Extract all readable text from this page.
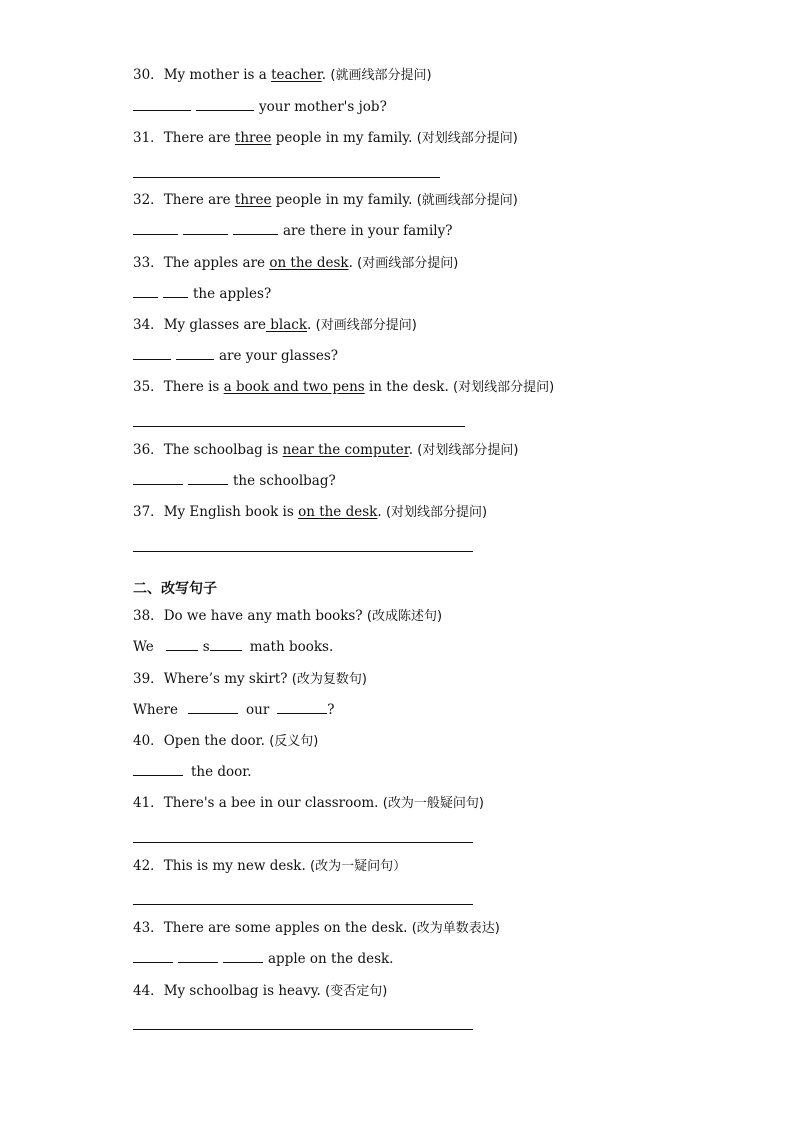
30．My mother is a teacher. (就画线部分提问)
your mother's job?
31．There are three people in my family. (对划线部分提问)
32．There are three people in my family. (就画线部分提问)
are there in your family?
33．The apples are on the desk. (对画线部分提问)
the apples?
34．My glasses are black. (对画线部分提问)
are your glasses?
35．There is a book and two pens in the desk. (对划线部分提问)
36．The schoolbag is near the computer. (对划线部分提问)
the schoolbag?
37．My English book is on the desk. (对划线部分提问)
二、改写句子
38．Do we have any math books? (改成陈述句)
We	s	math books.
39．Where’s my skirt? (改为复数句)
Where	our	?
40．Open the door. (反义句)
the door.
41．There's a bee in our classroom. (改为一般疑问句)
42．This is my new desk. (改为一疑问句）
43．There are some apples on the desk. (改为单数表达)
apple on the desk.
44．My schoolbag is heavy. (变否定句)
